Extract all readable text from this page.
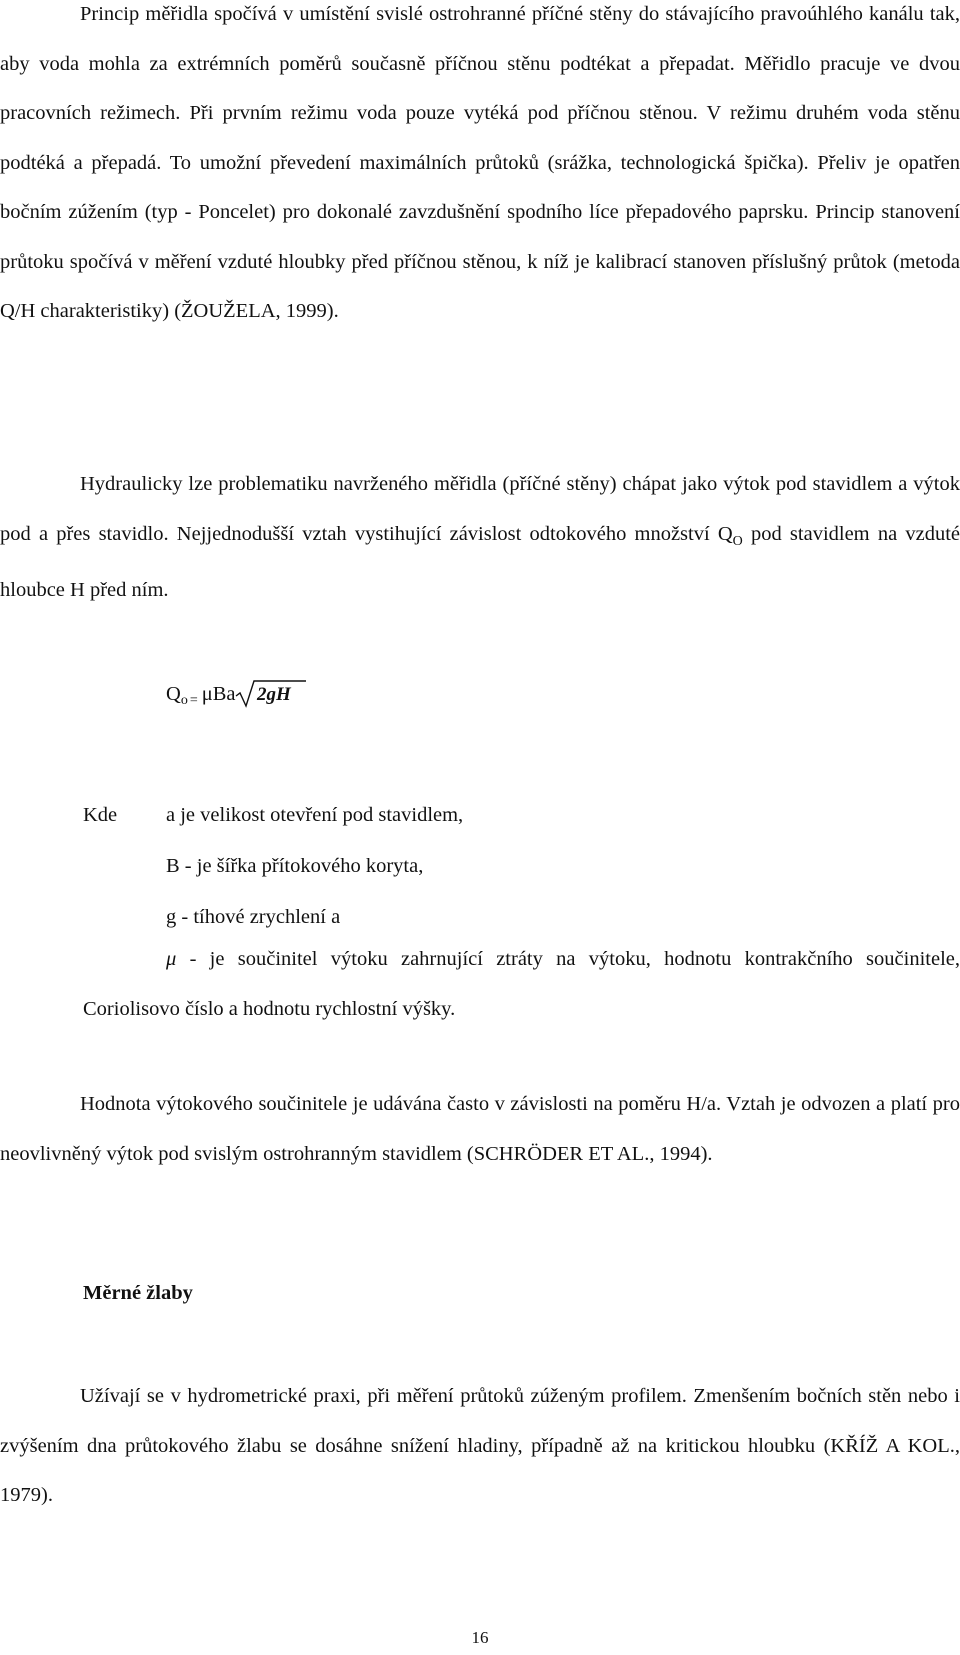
Princip měřidla spočívá v umístění svislé ostrohranné příčné stěny do stávajícího pravoúhlého kanálu tak, aby voda mohla za extrémních poměrů současně příčnou stěnu podtékat a přepadat. Měřidlo pracuje ve dvou pracovních režimech. Při prvním režimu voda pouze vytéká pod příčnou stěnou. V režimu druhém voda stěnu podtéká a přepadá. To umožní převedení maximálních průtoků (srážka, technologická špička). Přeliv je opatřen bočním zúžením (typ - Poncelet) pro dokonalé zavzdušnění spodního líce přepadového paprsku. Princip stanovení průtoku spočívá v měření vzduté hloubky před příčnou stěnou, k níž je kalibrací stanoven příslušný průtok (metoda Q/H charakteristiky) (ŽOUŽELA, 1999).

Hydraulicky lze problematiku navrženého měřidla (příčné stěny) chápat jako výtok pod stavidlem a výtok pod a přes stavidlo. Nejjednodušší vztah vystihující závislost odtokového množství $Q_O$ pod stavidlem na vzduté hloubce H před ním.

$Q_o = \mu Ba$ 2gH
Kde a je velikost otevření pod stavidlem,
B - je šířka přítokového koryta,
g - tíhové zrychlení a

μ - je součinitel výtoku zahrnující ztráty na výtoku, hodnotu kontrakčního součinitele, Coriolisovo číslo a hodnotu rychlostní výšky.

Hodnota výtokového součinitele je udávána často v závislosti na poměru H/a. Vztah je odvozen a platí pro neovlivněný výtok pod svislým ostrohranným stavidlem (SCHRÖDER ET AL., 1994).

Měrné žlaby

Užívají se v hydrometrické praxi, při měření průtoků zúženým profilem. Zmenšením bočních stěn nebo i zvýšením dna průtokového žlabu se dosáhne snížení hladiny, případně až na kritickou hloubku (KŘÍŽ A KOL., 1979).

16
